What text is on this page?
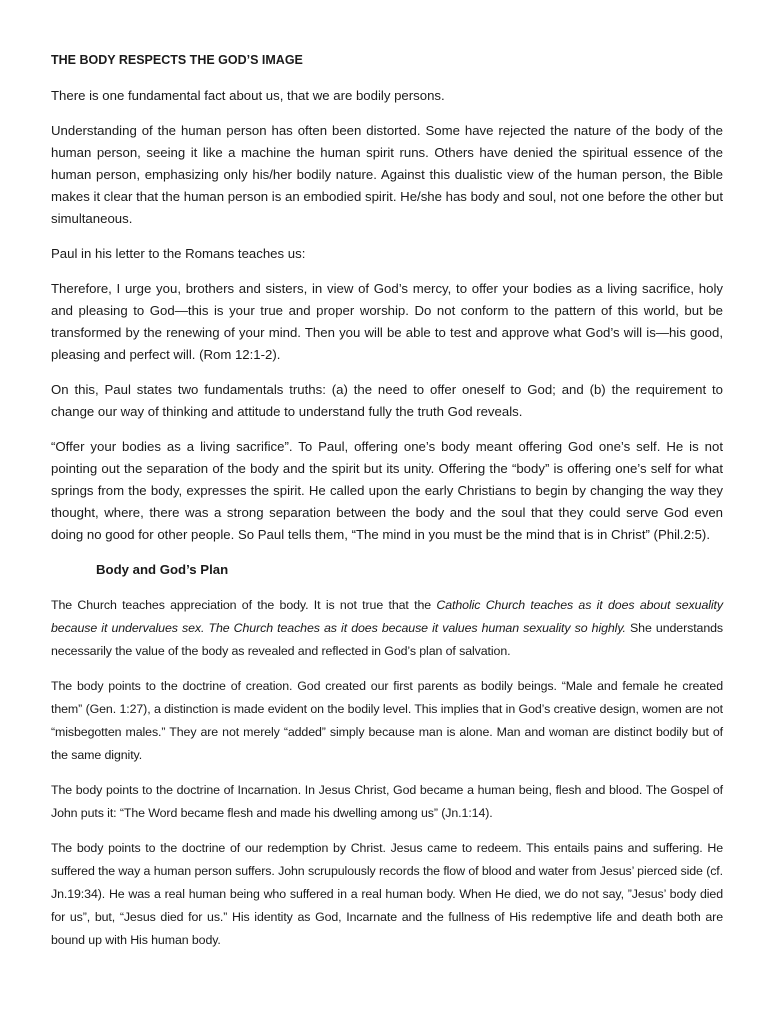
THE BODY RESPECTS THE GOD’S IMAGE

There is one fundamental fact about us, that we are bodily persons.

Understanding of the human person has often been distorted. Some have rejected the nature of the body of the human person, seeing it like a machine the human spirit runs. Others have denied the spiritual essence of the human person, emphasizing only his/her bodily nature. Against this dualistic view of the human person, the Bible makes it clear that the human person is an embodied spirit. He/she has body and soul, not one before the other but simultaneous.

Paul in his letter to the Romans teaches us:

Therefore, I urge you, brothers and sisters, in view of God’s mercy, to offer your bodies as a living sacrifice, holy and pleasing to God—this is your true and proper worship. Do not conform to the pattern of this world, but be transformed by the renewing of your mind. Then you will be able to test and approve what God’s will is—his good, pleasing and perfect will. (Rom 12:1-2).

On this, Paul states two fundamentals truths: (a) the need to offer oneself to God; and (b) the requirement to change our way of thinking and attitude to understand fully the truth God reveals.

“Offer your bodies as a living sacrifice”. To Paul, offering one’s body meant offering God one’s self. He is not pointing out the separation of the body and the spirit but its unity. Offering the “body” is offering one’s self for what springs from the body, expresses the spirit. He called upon the early Christians to begin by changing the way they thought, where, there was a strong separation between the body and the soul that they could serve God even doing no good for other people. So Paul tells them, “The mind in you must be the mind that is in Christ” (Phil.2:5).

Body and God’s Plan

The Church teaches appreciation of the body. It is not true that the Catholic Church teaches as it does about sexuality because it undervalues sex. The Church teaches as it does because it values human sexuality so highly. She understands necessarily the value of the body as revealed and reflected in God’s plan of salvation.

The body points to the doctrine of creation. God created our first parents as bodily beings. “Male and female he created them” (Gen. 1:27), a distinction is made evident on the bodily level. This implies that in God’s creative design, women are not “misbegotten males.” They are not merely “added” simply because man is alone. Man and woman are distinct bodily but of the same dignity.

The body points to the doctrine of Incarnation. In Jesus Christ, God became a human being, flesh and blood. The Gospel of John puts it: “The Word became flesh and made his dwelling among us” (Jn.1:14).

The body points to the doctrine of our redemption by Christ. Jesus came to redeem. This entails pains and suffering. He suffered the way a human person suffers. John scrupulously records the flow of blood and water from Jesus’ pierced side (cf. Jn.19:34). He was a real human being who suffered in a real human body. When He died, we do not say, ”Jesus’ body died for us”, but, “Jesus died for us.” His identity as God, Incarnate and the fullness of His redemptive life and death both are bound up with His human body.
